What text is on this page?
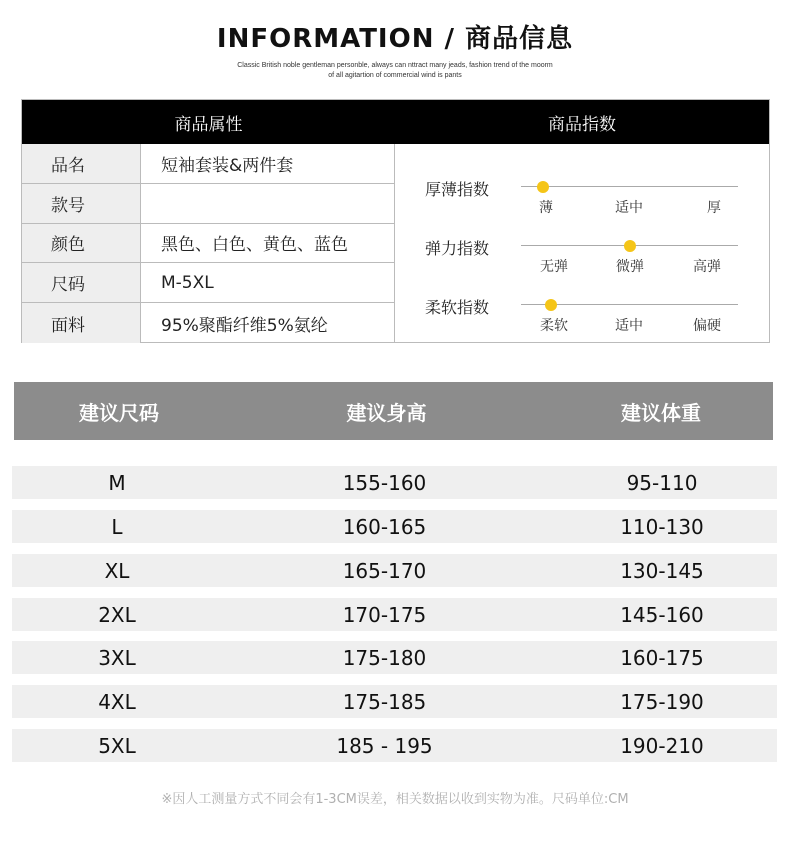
INFORMATION / 商品信息
Classic British noble gentleman personble, always can nttract many jeads, fashion trend of the moorm
of all agitartion of commercial wind is pants
商品属性	商品指数
品名	短袖套装&两件套
款号
颜色	黑色、白色、黄色、蓝色
尺码	M-5XL
面料	95%聚酯纤维5%氨纶
厚薄指数
薄	适中	厚
弹力指数
无弹	微弹	高弹
柔软指数
柔软	适中	偏硬
建议尺码	建议身高	建议体重
M	155-160	95-110
L	160-165	110-130
XL	165-170	130-145
2XL	170-175	145-160
3XL	175-180	160-175
4XL	175-185	175-190
5XL	185 - 195	190-210
※因人工测量方式不同会有1-3CM误差，相关数据以收到实物为准。尺码单位:CM
